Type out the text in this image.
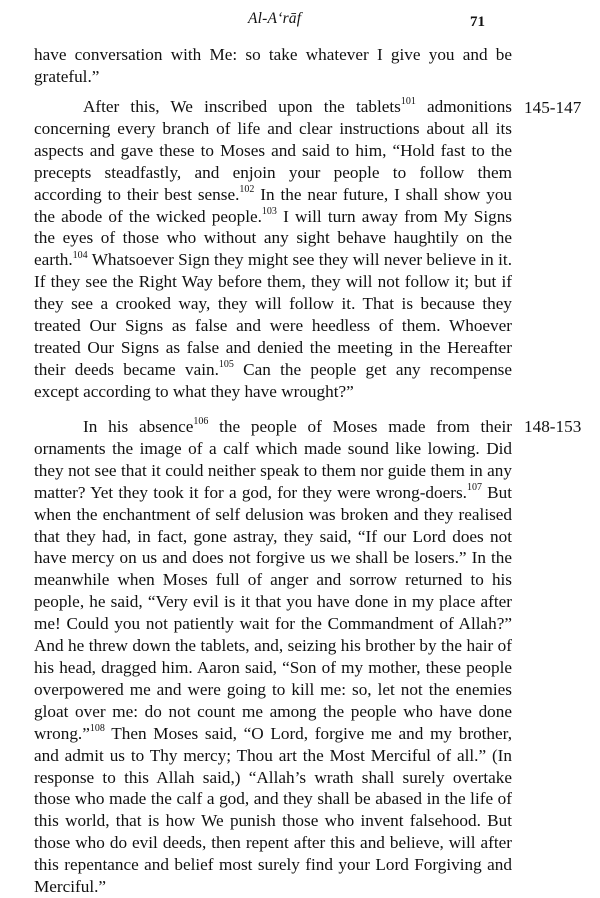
Al-A‘rāf	71

have conversation with Me: so take whatever I give you and be grateful.”

After this, We inscribed upon the tablets$^{101}$ admonitions concerning every branch of life and clear instructions about all its aspects and gave these to Moses and said to him, “Hold fast to the precepts steadfastly, and enjoin your people to follow them according to their best sense.$^{102}$ In the near future, I shall show you the abode of the wicked people.$^{103}$ I will turn away from My Signs the eyes of those who without any sight behave haughtily on the earth.$^{104}$ Whatsoever Sign they might see they will never believe in it. If they see the Right Way before them, they will not follow it; but if they see a crooked way, they will follow it. That is because they treated Our Signs as false and were heedless of them. Whoever treated Our Signs as false and denied the meeting in the Hereafter their deeds became vain.$^{105}$ Can the people get any recompense except according to what they have wrought?”

145-147

In his absence$^{106}$ the people of Moses made from their ornaments the image of a calf which made sound like lowing. Did they not see that it could neither speak to them nor guide them in any matter? Yet they took it for a god, for they were wrong-doers.$^{107}$ But when the enchantment of self delusion was broken and they realised that they had, in fact, gone astray, they said, “If our Lord does not have mercy on us and does not forgive us we shall be losers.” In the meanwhile when Moses full of anger and sorrow returned to his people, he said, “Very evil is it that you have done in my place after me! Could you not patiently wait for the Commandment of Allah?” And he threw down the tablets, and, seizing his brother by the hair of his head, dragged him. Aaron said, “Son of my mother, these people overpowered me and were going to kill me: so, let not the enemies gloat over me: do not count me among the people who have done wrong.”$^{108}$ Then Moses said, “O Lord, forgive me and my brother, and admit us to Thy mercy; Thou art the Most Merciful of all.” (In response to this Allah said,) “Allah’s wrath shall surely overtake those who made the calf a god, and they shall be abased in the life of this world, that is how We punish those who invent falsehood. But those who do evil deeds, then repent after this and believe, will after this repentance and belief most surely find your Lord Forgiving and Merciful.”

148-153
